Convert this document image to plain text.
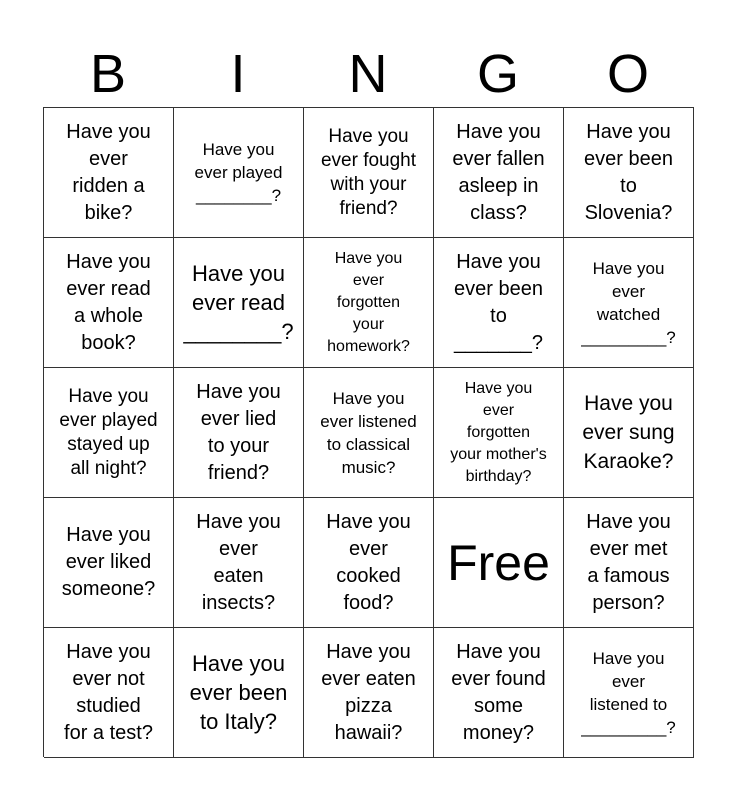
B	I	N	G	O
Have you
ever
ridden a
bike?
Have you
ever played
________?
Have you
ever fought
with your
friend?
Have you
ever fallen
asleep in
class?
Have you
ever been
to
Slovenia?
Have you
ever read
a whole
book?
Have you
ever read
________?
Have you
ever
forgotten
your
homework?
Have you
ever been
to
_______?
Have you
ever
watched
_________?
Have you
ever played
stayed up
all night?
Have you
ever lied
to your
friend?
Have you
ever listened
to classical
music?
Have you
ever
forgotten
your mother's
birthday?
Have you
ever sung
Karaoke?
Have you
ever liked
someone?
Have you
ever
eaten
insects?
Have you
ever
cooked
food?
Free
Have you
ever met
a famous
person?
Have you
ever not
studied
for a test?
Have you
ever been
to Italy?
Have you
ever eaten
pizza
hawaii?
Have you
ever found
some
money?
Have you
ever
listened to
_________?
